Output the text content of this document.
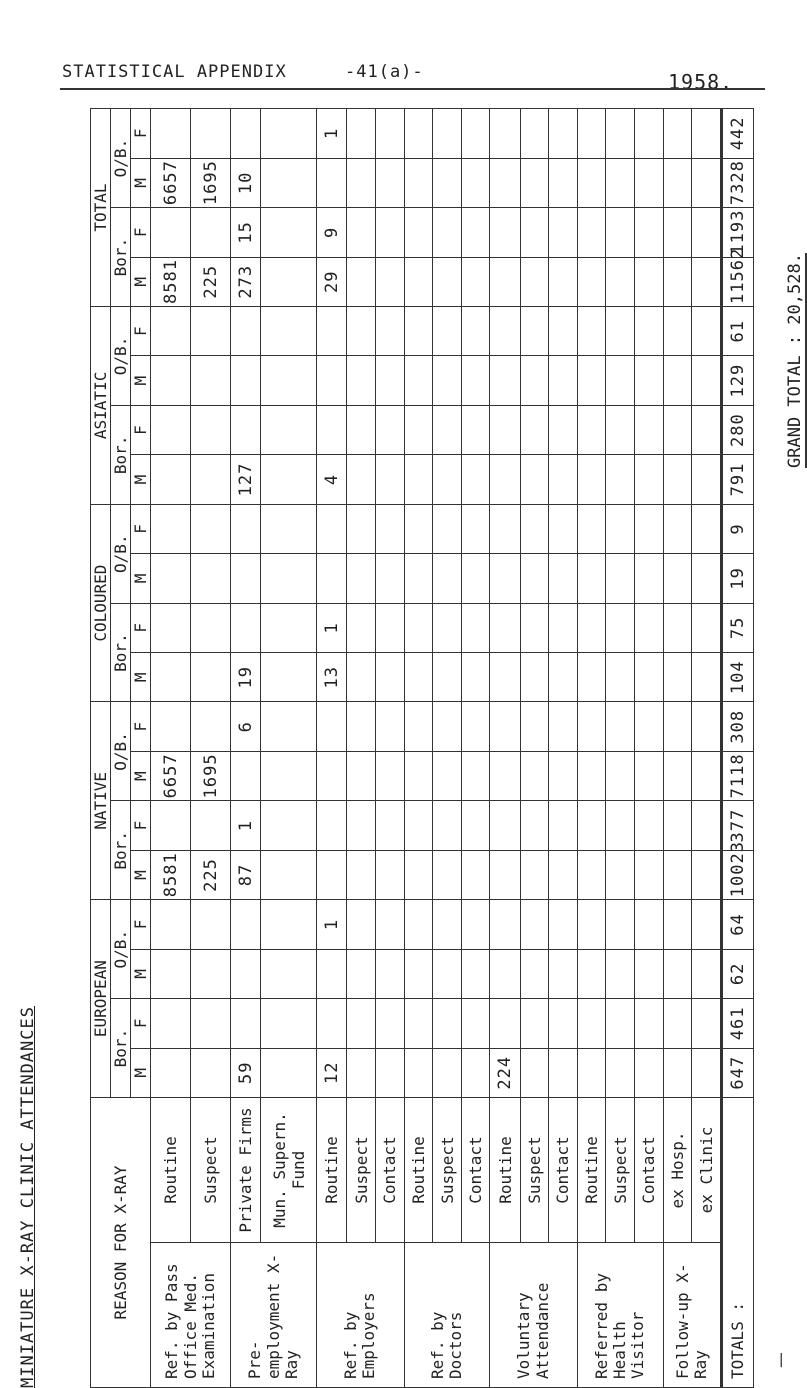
STATISTICAL APPENDIX	-41(a)-	1958.
MINIATURE X-RAY CLINIC ATTENDANCES	REASON FOR X-RAY		EUROPEAN				NATIVE				COLOURED				ASIATIC				TOTAL			
		Bor.		O/B.		Bor.		O/B.		Bor.		O/B.		Bor.		O/B.		Bor.		O/B.	
		M	F	M	F	M	F	M	F	M	F	M	F	M	F	M	F	M	F	M	F
Ref. by Pass Office Med. Examination	Routine					8581		6657										8581		6657	
	Suspect					225		1695										225		1695	
Pre-employment X-Ray	Private Firms	59				87	1		6	19				127				273	15	10	
	Mun. Supern. Fund																				
Ref. by Employers	Routine	12			1					13	1			4				29	9		1
	Suspect																				
	Contact																				
Ref. by Doctors	Routine																				
	Suspect																				
	Contact																				
Voluntary Attendance	Routine	224																			
	Suspect																				
	Contact																				
Referred by Health Visitor	Routine																				
	Suspect																				
	Contact																				
Follow-up X-Ray	ex Hosp.																				
	ex Clinic																				
TOTALS :		647	461	62	64	10023	377	7118	308	104	75	19	9	791	280	129	61	11562	1193	7328	442
GRAND TOTAL : 20,528.
|
